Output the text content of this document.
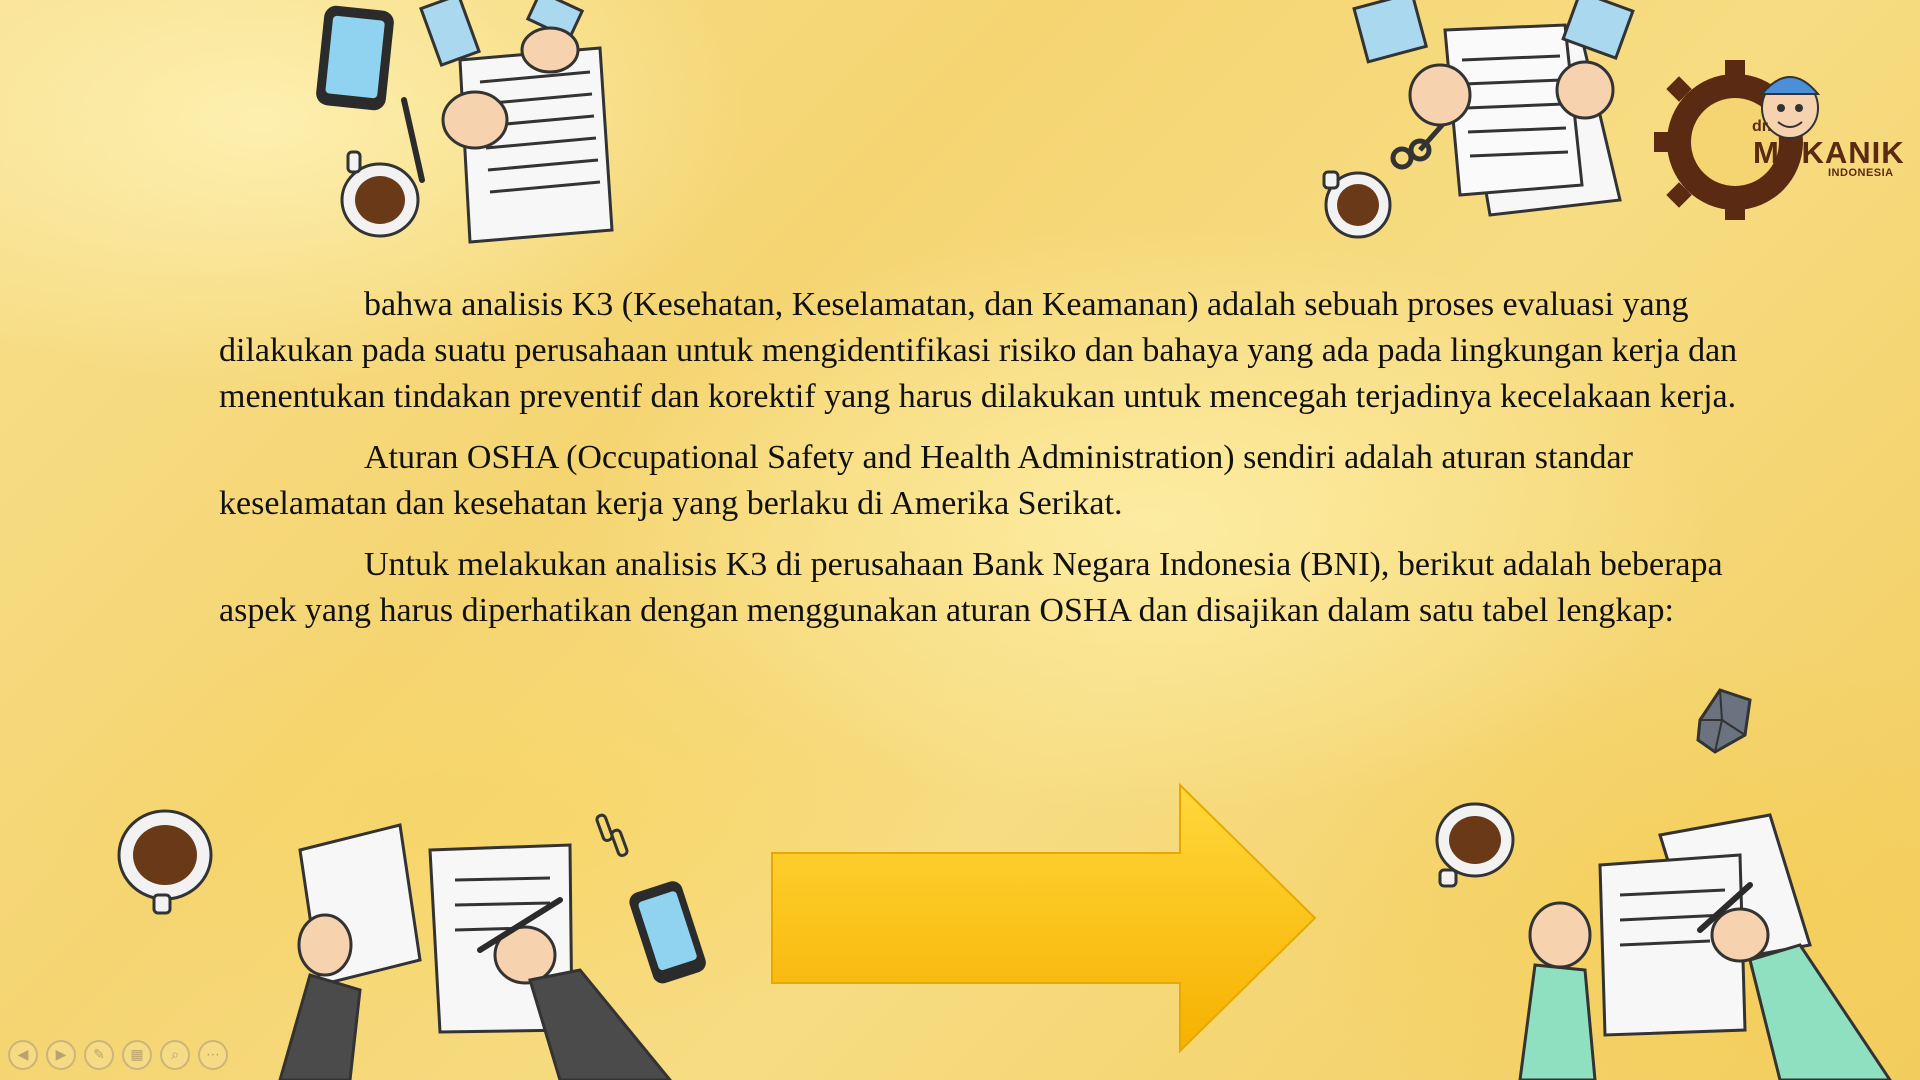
dr.
MEKANIK
INDONESIA

bahwa analisis K3 (Kesehatan, Keselamatan, dan Keamanan) adalah sebuah proses evaluasi yang dilakukan pada suatu perusahaan untuk mengidentifikasi risiko dan bahaya yang ada pada lingkungan kerja dan menentukan tindakan preventif dan korektif yang harus dilakukan untuk mencegah terjadinya kecelakaan kerja.

Aturan OSHA (Occupational Safety and Health Administration) sendiri adalah aturan standar keselamatan dan kesehatan kerja yang berlaku di Amerika Serikat.

Untuk melakukan analisis K3 di perusahaan Bank Negara Indonesia (BNI), berikut adalah beberapa aspek yang harus diperhatikan dengan menggunakan aturan OSHA dan disajikan dalam satu tabel lengkap:

◀ ▶ ✎ ▦ ⌕ ⋯
